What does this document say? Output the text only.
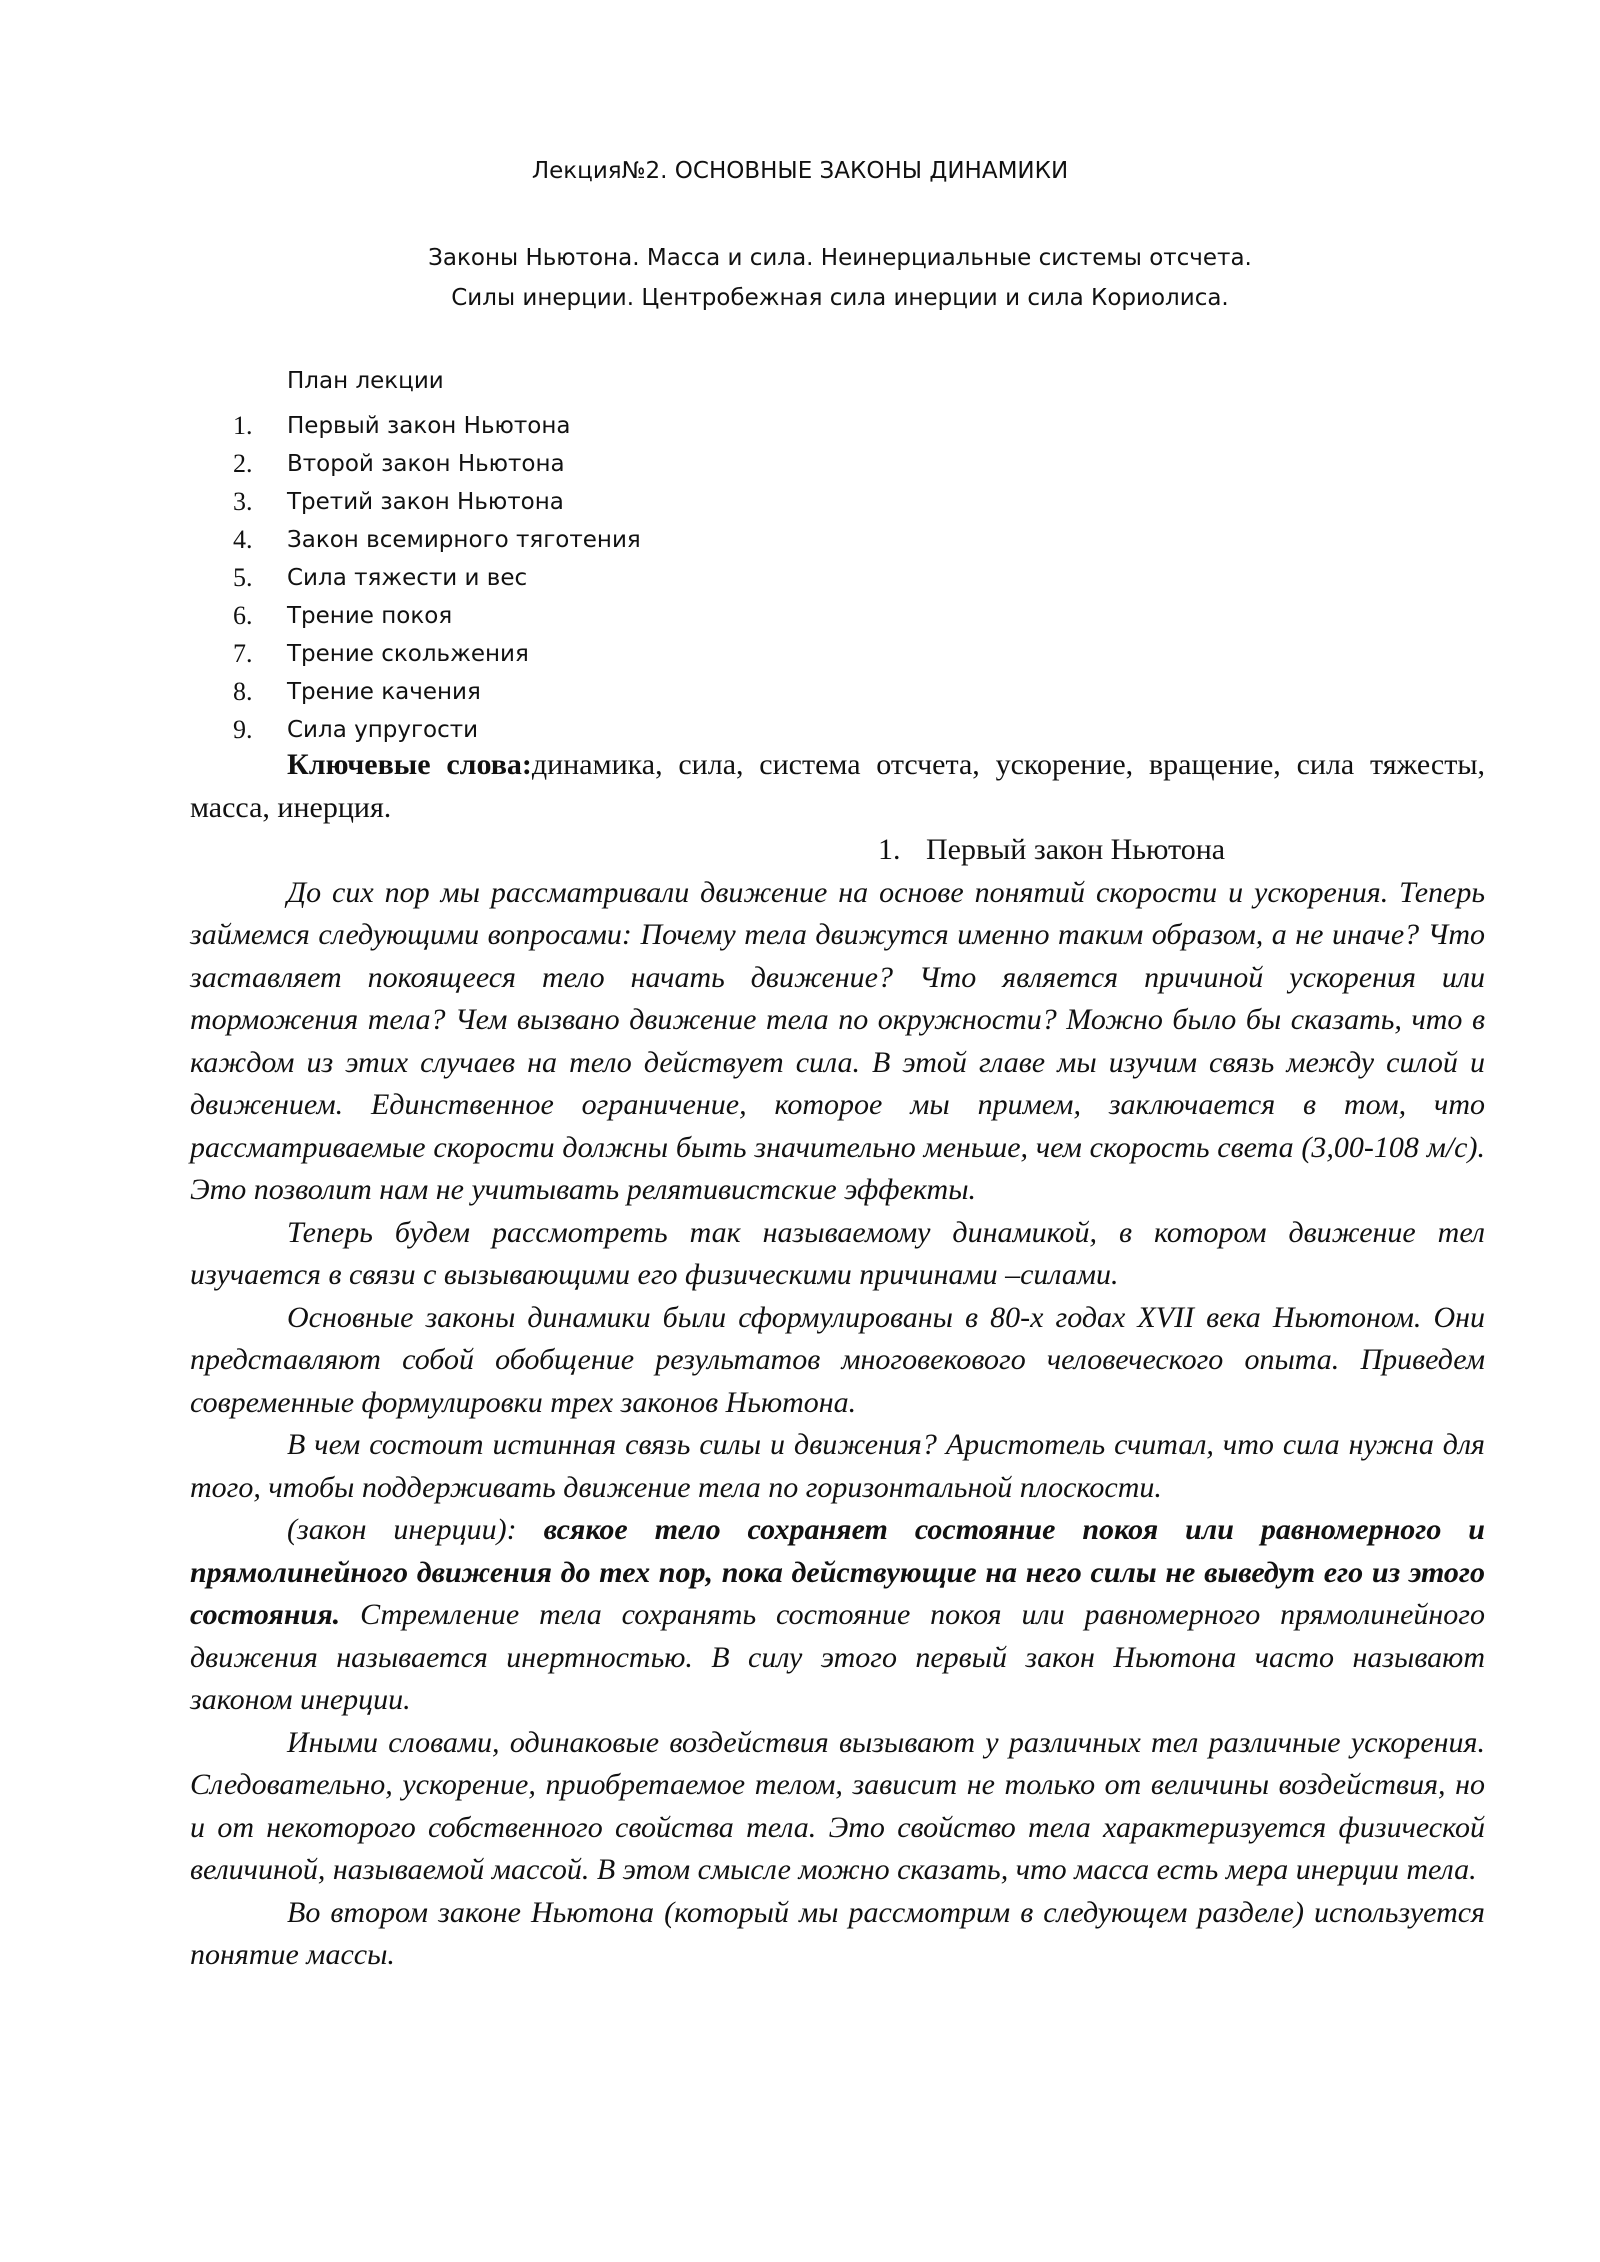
Лекция№2. ОСНОВНЫЕ ЗАКОНЫ ДИНАМИКИ
Законы Ньютона. Масса и сила. Неинерциальные системы отсчета.
Силы инерции. Центробежная сила инерции и сила Кориолиса.
План лекции
1.	Первый закон Ньютона
2.	Второй закон Ньютона
3.	Третий закон Ньютона
4.	Закон всемирного тяготения
5.	Сила тяжести и вес
6.	Трение покоя
7.	Трение скольжения
8.	Трение качения
9.	Сила упругости

Ключевые слова:динамика, сила, система отсчета, ускорение, вращение, сила тяжесты, масса, инерция.

1. Первый закон Ньютона

До сих пор мы рассматривали движение на основе понятий скорости и ускорения. Теперь займемся следующими вопросами: Почему тела движутся именно таким образом, а не иначе? Что заставляет покоящееся тело начать движение? Что является причиной ускорения или торможения тела? Чем вызвано движение тела по окружности? Можно было бы сказать, что в каждом из этих случаев на тело действует сила. В этой главе мы изучим связь между силой и движением. Единственное ограничение, которое мы примем, заключается в том, что рассматриваемые скорости должны быть значительно меньше, чем скорость света (3,00-108 м/с). Это позволит нам не учитывать релятивистские эффекты.

Теперь будем рассмотреть так называемому динамикой, в котором движение тел изучается в связи с вызывающими его физическими причинами –силами.

Основные законы динамики были сформулированы в 80-х годах XVII века Ньютоном. Они представляют собой обобщение результатов многовекового человеческого опыта. Приведем современные формулировки трех законов Ньютона.

В чем состоит истинная связь силы и движения? Аристотель считал, что сила нужна для того, чтобы поддерживать движение тела по горизонтальной плоскости.

(закон инерции): всякое тело сохраняет состояние покоя или равномерного и прямолинейного движения до тех пор, пока действующие на него силы не выведут его из этого состояния. Стремление тела сохранять состояние покоя или равномерного прямолинейного движения называется инертностью. В силу этого первый закон Ньютона часто называют законом инерции.

Иными словами, одинаковые воздействия вызывают у различных тел различные ускорения. Следовательно, ускорение, приобретаемое телом, зависит не только от величины воздействия, но и от некоторого собственного свойства тела. Это свойство тела характеризуется физической величиной, называемой массой. В этом смысле можно сказать, что масса есть мера инерции тела.

Во втором законе Ньютона (который мы рассмотрим в следующем разделе) используется понятие массы.
